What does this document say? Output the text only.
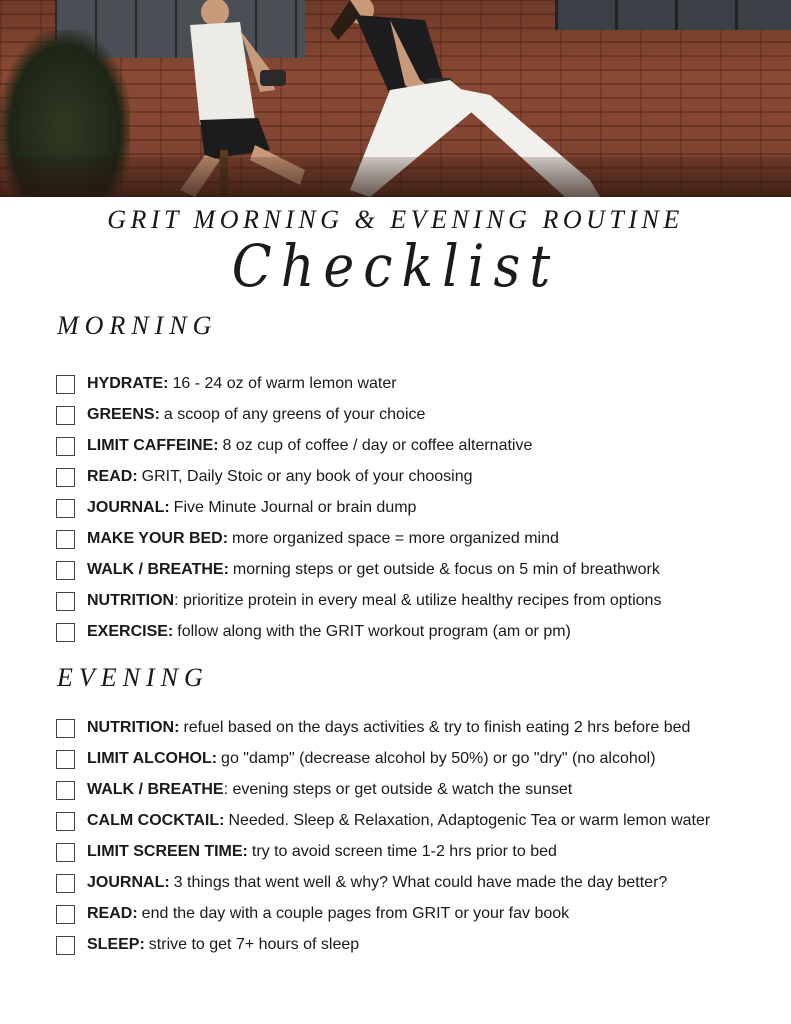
GRIT MORNING & EVENING ROUTINE
Checklist
MORNING
HYDRATE: 16 - 24 oz of warm lemon water
GREENS: a scoop of any greens of your choice
LIMIT CAFFEINE: 8 oz cup of coffee / day or coffee alternative
READ: GRIT, Daily Stoic or any book of your choosing
JOURNAL: Five Minute Journal or brain dump
MAKE YOUR BED: more organized space = more organized mind
WALK / BREATHE: morning steps or get outside & focus on 5 min of breathwork
NUTRITION : prioritize protein in every meal & utilize healthy recipes from options
EXERCISE: follow along with the GRIT workout program (am or pm)
EVENING
NUTRITION: refuel based on the days activities & try to finish eating 2 hrs before bed
LIMIT ALCOHOL: go "damp" (decrease alcohol by 50%) or go "dry" (no alcohol)
WALK / BREATHE : evening steps or get outside & watch the sunset
CALM COCKTAIL: Needed. Sleep & Relaxation, Adaptogenic Tea or warm lemon water
LIMIT SCREEN TIME: try to avoid screen time 1-2 hrs prior to bed
JOURNAL: 3 things that went well & why? What could have made the day better?
READ: end the day with a couple pages from GRIT or your fav book
SLEEP: strive to get 7+ hours of sleep
